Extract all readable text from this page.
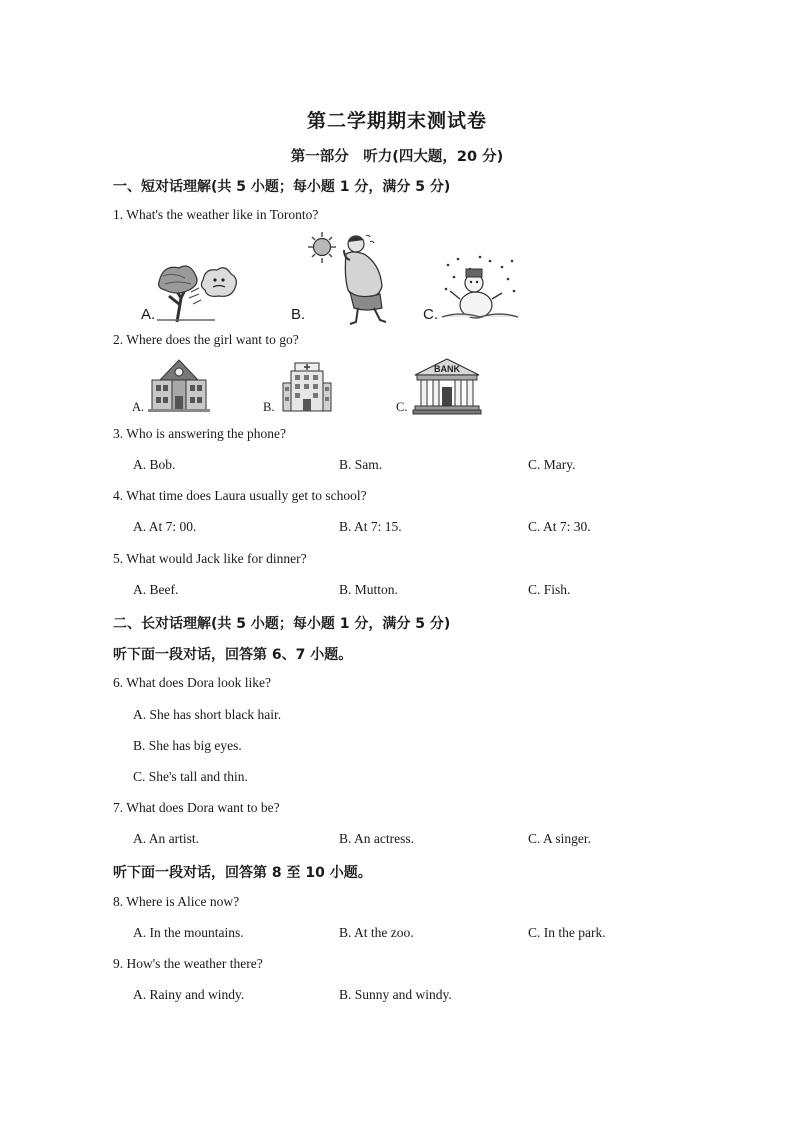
第二学期期末测试卷
第一部分　听力(四大题，20 分)
一、短对话理解(共 5 小题；每小题 1 分，满分 5 分)
1. What's the weather like in Toronto?
A.	B.	C.
2. Where does the girl want to go?
A.	B.	C.
BANK
3. Who is answering the phone?
A. Bob.	B. Sam.	C. Mary.
4. What time does Laura usually get to school?
A. At 7: 00.	B. At 7: 15.	C. At 7: 30.
5. What would Jack like for dinner?
A. Beef.	B. Mutton.	C. Fish.
二、长对话理解(共 5 小题；每小题 1 分，满分 5 分)
听下面一段对话，回答第 6、7 小题。
6. What does Dora look like?
A. She has short black hair.
B. She has big eyes.
C. She's tall and thin.
7. What does Dora want to be?
A. An artist.	B. An actress.	C. A singer.
听下面一段对话，回答第 8 至 10 小题。
8. Where is Alice now?
A. In the mountains.	B. At the zoo.	C. In the park.
9. How's the weather there?
A. Rainy and windy.	B. Sunny and windy.
